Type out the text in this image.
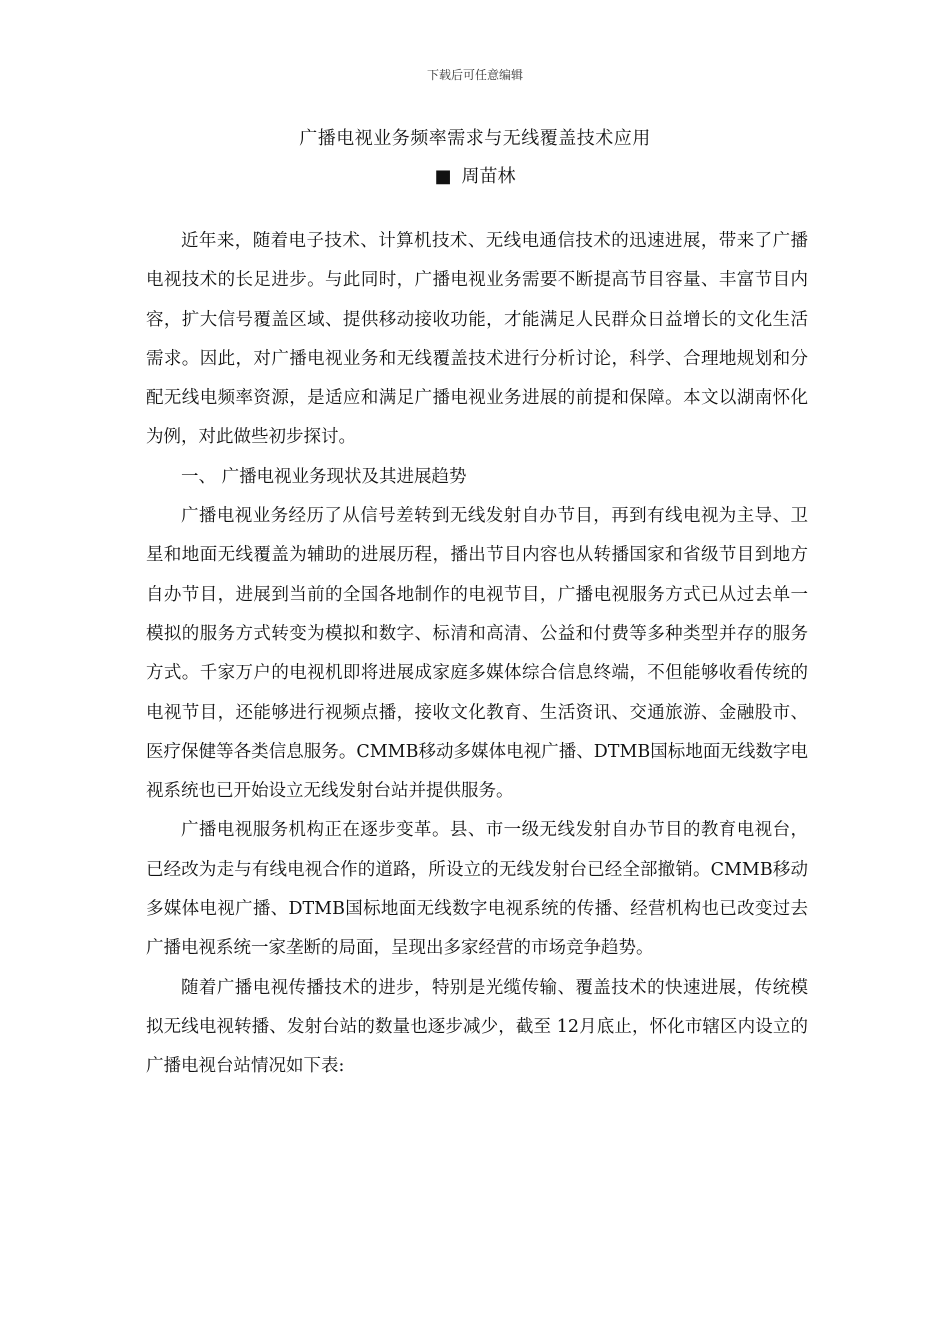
下载后可任意编辑
广播电视业务频率需求与无线覆盖技术应用
■ 周苗林

近年来，随着电子技术、计算机技术、无线电通信技术的迅速进展，带来了广播电视技术的长足进步。与此同时，广播电视业务需要不断提高节目容量、丰富节目内容，扩大信号覆盖区域、提供移动接收功能，才能满足人民群众日益增长的文化生活需求。因此，对广播电视业务和无线覆盖技术进行分析讨论，科学、合理地规划和分配无线电频率资源，是适应和满足广播电视业务进展的前提和保障。本文以湖南怀化为例，对此做些初步探讨。

一、 广播电视业务现状及其进展趋势

广播电视业务经历了从信号差转到无线发射自办节目，再到有线电视为主导、卫星和地面无线覆盖为辅助的进展历程，播出节目内容也从转播国家和省级节目到地方自办节目，进展到当前的全国各地制作的电视节目，广播电视服务方式已从过去单一模拟的服务方式转变为模拟和数字、标清和高清、公益和付费等多种类型并存的服务方式。千家万户的电视机即将进展成家庭多媒体综合信息终端，不但能够收看传统的电视节目，还能够进行视频点播，接收文化教育、生活资讯、交通旅游、金融股市、医疗保健等各类信息服务。CMMB移动多媒体电视广播、DTMB国标地面无线数字电视系统也已开始设立无线发射台站并提供服务。

广播电视服务机构正在逐步变革。县、市一级无线发射自办节目的教育电视台，已经改为走与有线电视合作的道路，所设立的无线发射台已经全部撤销。CMMB移动多媒体电视广播、DTMB国标地面无线数字电视系统的传播、经营机构也已改变过去广播电视系统一家垄断的局面，呈现出多家经营的市场竞争趋势。

随着广播电视传播技术的进步，特别是光缆传输、覆盖技术的快速进展，传统模拟无线电视转播、发射台站的数量也逐步减少，截至 12月底止，怀化市辖区内设立的广播电视台站情况如下表:
